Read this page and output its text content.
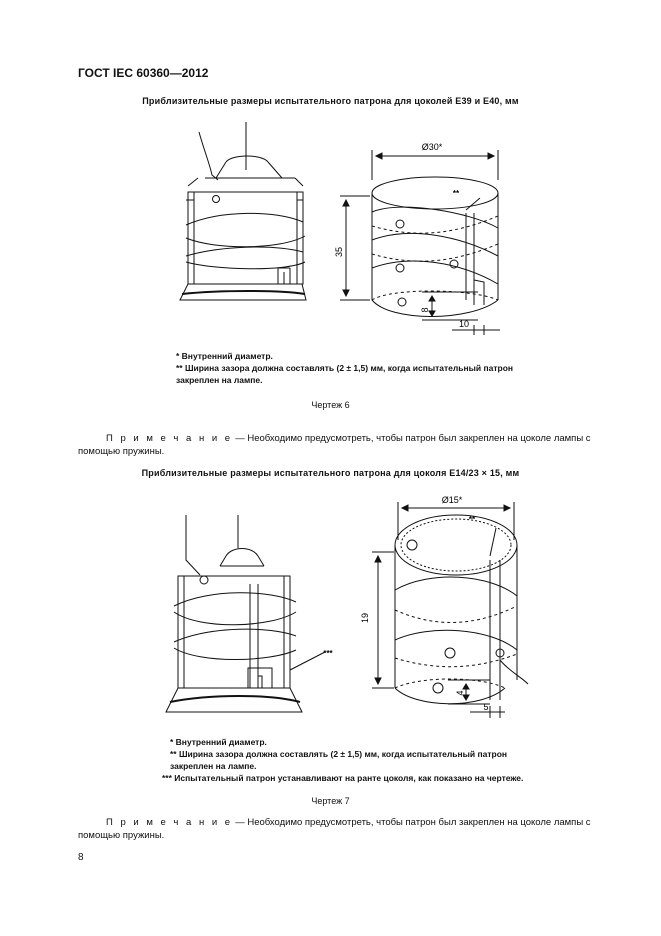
ГОСТ IEC 60360—2012
Приблизительные размеры испытательного патрона для цоколей E39 и E40, мм
Ø30*
**
35
8
10
* Внутренний диаметр.
** Ширина зазора должна составлять (2 ± 1,5) мм, когда испытательный патрон
закреплен на лампе.
Чертеж 6
П р и м е ч а н и е — Необходимо предусмотреть, чтобы патрон был закреплен на цоколе лампы с помощью пружины.
Приблизительные размеры испытательного патрона для цоколя E14/23 × 15, мм
Ø15*
**
***
19
4
5
* Внутренний диаметр.
** Ширина зазора должна составлять (2 ± 1,5) мм, когда испытательный патрон
закреплен на лампе.
*** Испытательный патрон устанавливают на ранте цоколя, как показано на чертеже.
Чертеж 7
П р и м е ч а н и е — Необходимо предусмотреть, чтобы патрон был закреплен на цоколе лампы с помощью пружины.
8
